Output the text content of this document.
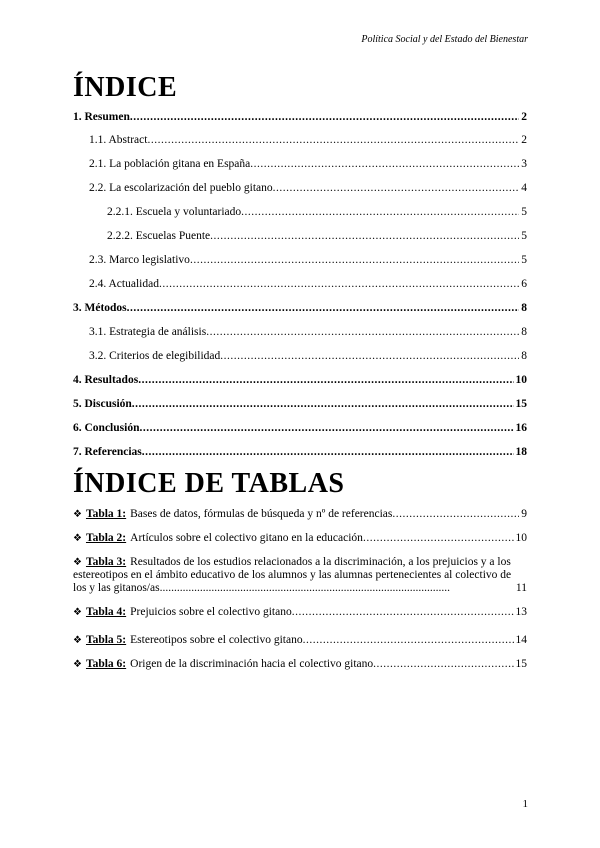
Política Social y del Estado del Bienestar
ÍNDICE
1. Resumen .....	2
1.1. Abstract .....	2
2.1. La población gitana en España .....	3
2.2. La escolarización del pueblo gitano .....	4
2.2.1. Escuela y voluntariado .....	5
2.2.2. Escuelas Puente .....	5
2.3. Marco legislativo .....	5
2.4. Actualidad .....	6
3. Métodos .....	8
3.1. Estrategia de análisis .....	8
3.2. Criterios de elegibilidad .....	8
4. Resultados .....	10
5. Discusión .....	15
6. Conclusión .....	16
7. Referencias .....	18
ÍNDICE DE TABLAS
❖ Tabla 1: Bases de datos, fórmulas de búsqueda y nº de referencias .....	9
❖ Tabla 2: Artículos sobre el colectivo gitano en la educación .....	10
❖ Tabla 3: Resultados de los estudios relacionados a la discriminación, a los prejuicios y a los estereotipos en el ámbito educativo de los alumnos y las alumnas pertenecientes al colectivo de los y las gitanos/as.....................................................................................................	11
❖ Tabla 4: Prejuicios sobre el colectivo gitano .....	13
❖ Tabla 5: Estereotipos sobre el colectivo gitano .....	14
❖ Tabla 6: Origen de la discriminación hacia el colectivo gitano .....	15
1
